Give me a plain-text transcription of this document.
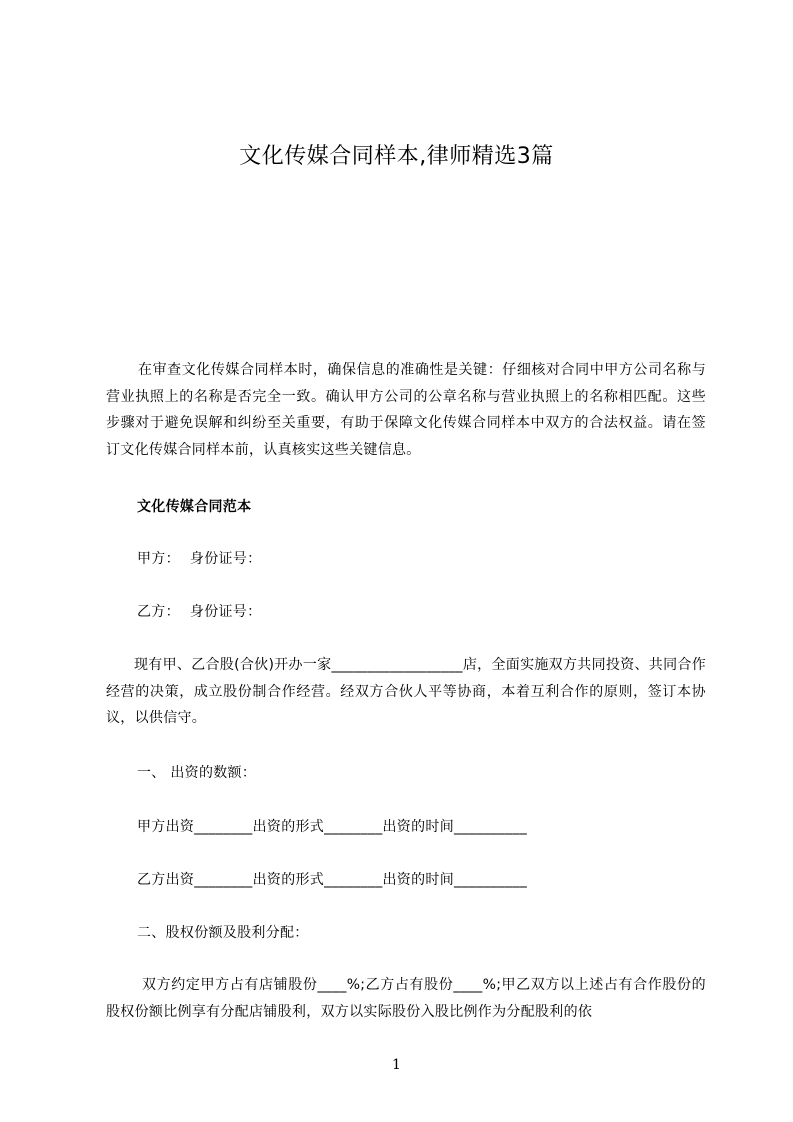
文化传媒合同样本,律师精选3篇

在审查文化传媒合同样本时，确保信息的准确性是关键：仔细核对合同中甲方公司名称与营业执照上的名称是否完全一致。确认甲方公司的公章名称与营业执照上的名称相匹配。这些步骤对于避免误解和纠纷至关重要，有助于保障文化传媒合同样本中双方的合法权益。请在签订文化传媒合同样本前，认真核实这些关键信息。

文化传媒合同范本
甲方： 身份证号：
乙方： 身份证号：

现有甲、乙合股(合伙)开办一家__________________店，全面实施双方共同投资、共同合作经营的决策，成立股份制合作经营。经双方合伙人平等协商，本着互利合作的原则，签订本协议，以供信守。

一、 出资的数额：
甲方出资________出资的形式________出资的时间__________
乙方出资________出资的形式________出资的时间__________
二、股权份额及股利分配：

双方约定甲方占有店铺股份____%;乙方占有股份____%;甲乙双方以上述占有合作股份的股权份额比例享有分配店铺股利，双方以实际股份入股比例作为分配股利的依

1
